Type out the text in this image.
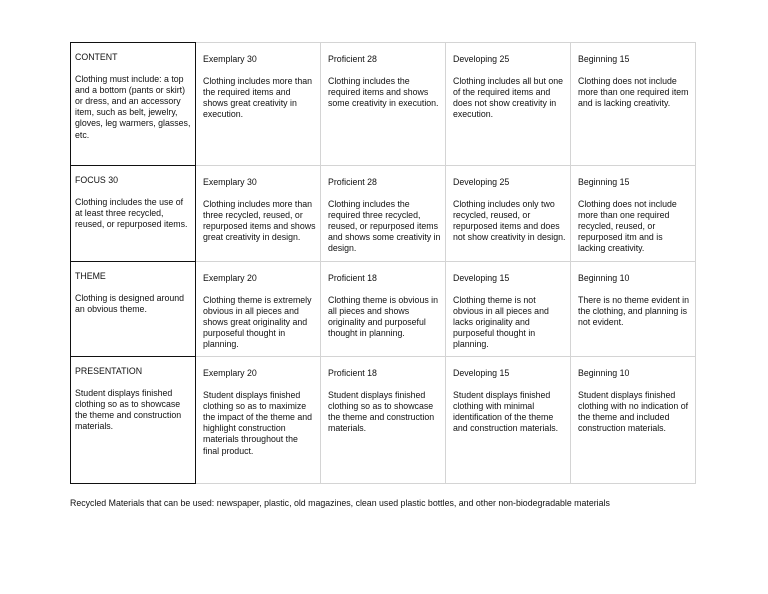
CONTENT
Clothing must include: a top and a bottom (pants or skirt) or dress, and an accessory item, such as belt, jewelry, gloves, leg warmers, glasses, etc.
Exemplary 30
Clothing includes more than the required items and shows great creativity in execution.
Proficient 28
Clothing includes the required items and shows some creativity in execution.
Developing 25
Clothing includes all but one of the required items and does not show creativity in execution.
Beginning 15
Clothing does not include more than one required item and is lacking creativity.
FOCUS 30
Clothing includes the use of at least three recycled, reused, or repurposed items.
Exemplary 30
Clothing includes more than three recycled, reused, or repurposed items and shows great creativity in design.
Proficient 28
Clothing includes the required three recycled, reused, or repurposed items and shows some creativity in design.
Developing 25
Clothing includes only two recycled, reused, or repurposed items and does not show creativity in design.
Beginning 15
Clothing does not include more than one required recycled, reused, or repurposed itm and is lacking creativity.
THEME
Clothing is designed around an obvious theme.
Exemplary 20
Clothing theme is extremely obvious in all pieces and shows great originality and purposeful thought in planning.
Proficient 18
Clothing theme is obvious in all pieces and shows originality and purposeful thought in planning.
Developing 15
Clothing theme is not obvious in all pieces and lacks originality and purposeful thought in planning.
Beginning 10
There is no theme evident in the clothing, and planning is not evident.
PRESENTATION
Student displays finished clothing so as to showcase the theme and construction materials.
Exemplary 20
Student displays finished clothing so as to maximize the impact of the theme and highlight construction materials throughout the final product.
Proficient 18
Student displays finished clothing so as to showcase the theme and construction materials.
Developing 15
Student displays finished clothing with minimal identification of the theme and construction materials.
Beginning 10
Student displays finished clothing with no indication of the theme and included construction materials.
Recycled Materials that can be used: newspaper, plastic, old magazines, clean used plastic bottles, and other non-biodegradable materials
